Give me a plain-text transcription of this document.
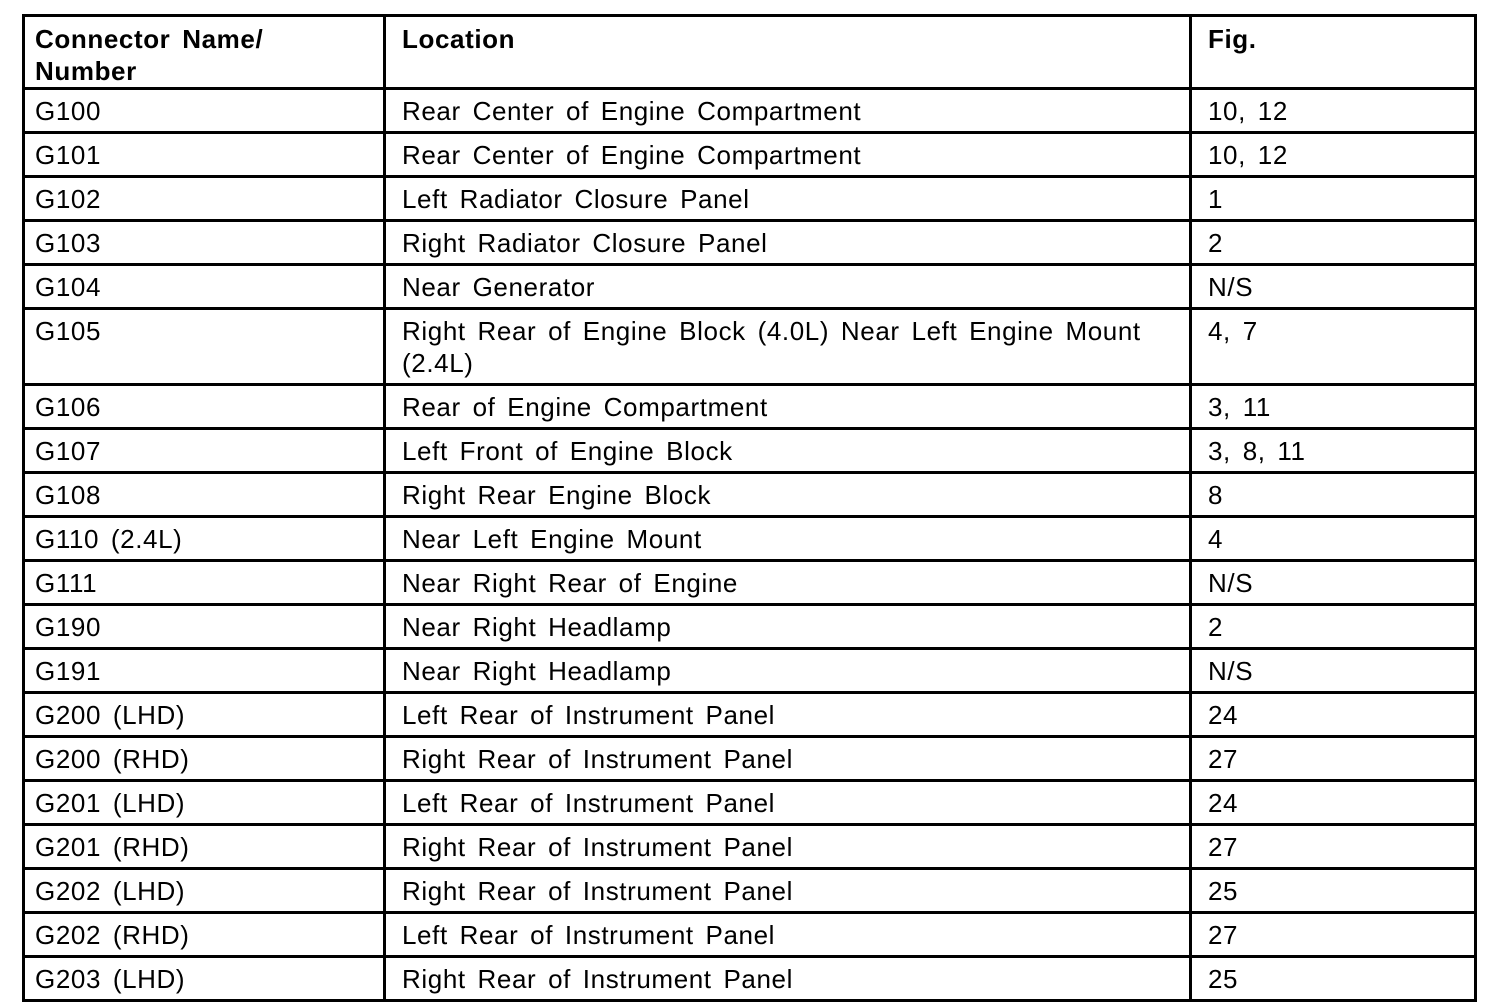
Connector Name/ Number	Location	Fig.
G100	Rear Center of Engine Compartment	10, 12
G101	Rear Center of Engine Compartment	10, 12
G102	Left Radiator Closure Panel	1
G103	Right Radiator Closure Panel	2
G104	Near Generator	N/S
G105	Right Rear of Engine Block (4.0L) Near Left Engine Mount (2.4L)	4, 7
G106	Rear of Engine Compartment	3, 11
G107	Left Front of Engine Block	3, 8, 11
G108	Right Rear Engine Block	8
G110 (2.4L)	Near Left Engine Mount	4
G111	Near Right Rear of Engine	N/S
G190	Near Right Headlamp	2
G191	Near Right Headlamp	N/S
G200 (LHD)	Left Rear of Instrument Panel	24
G200 (RHD)	Right Rear of Instrument Panel	27
G201 (LHD)	Left Rear of Instrument Panel	24
G201 (RHD)	Right Rear of Instrument Panel	27
G202 (LHD)	Right Rear of Instrument Panel	25
G202 (RHD)	Left Rear of Instrument Panel	27
G203 (LHD)	Right Rear of Instrument Panel	25
